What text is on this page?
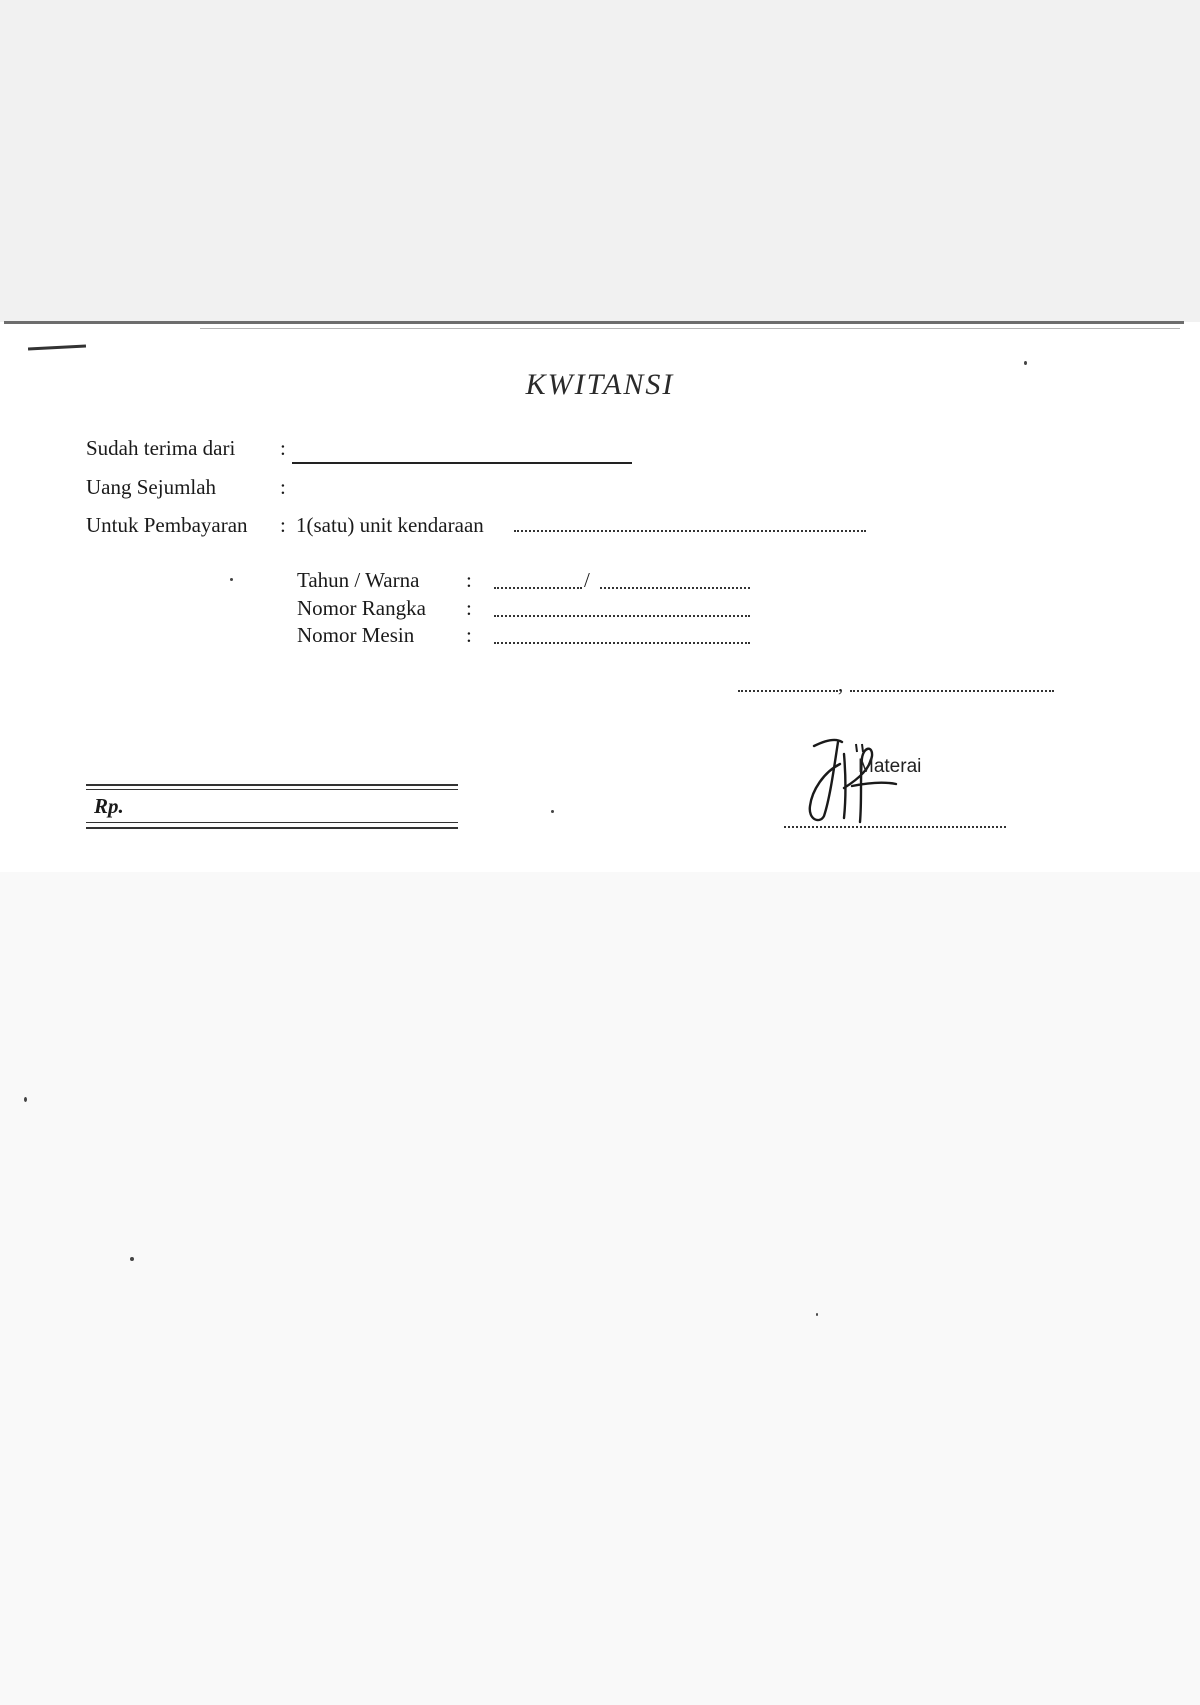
KWITANSI
Sudah terima dari :
Uang Sejumlah	:
Untuk Pembayaran : 1(satu) unit kendaraan
Tahun / Warna :	/
Nomor Rangka :
Nomor Mesin :
,
Rp.
Materai
